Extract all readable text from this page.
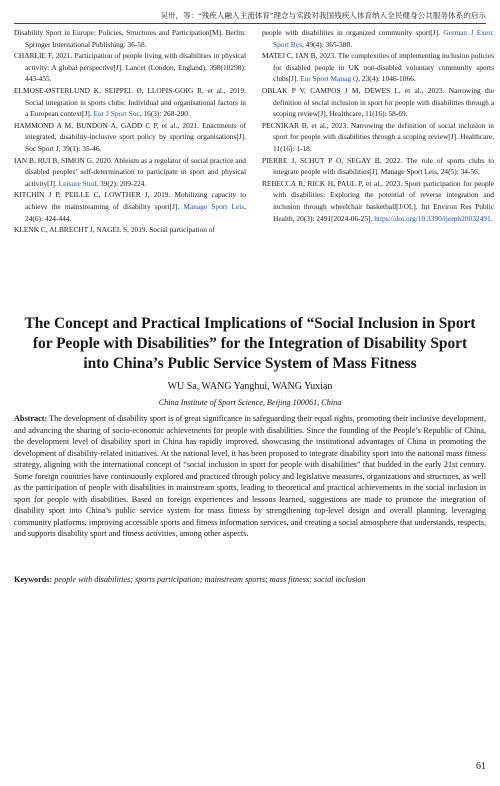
吴卅，等：“残疾人融入主流体育”理念与实践对我国残疾人体育纳入全民健身公共服务体系的启示

Disability Sport in Europe: Policies, Structures and Participation[M]. Berlin: Springer International Publishing: 36-58.

CHARLIE F, 2021. Participation of people living with disabilities in physical activity: A global perspective[J]. Lancet (London, England), 398(10298): 443-455.

ELMOSE-ØSTERLUND K, SEIPPEL Ø, LLOPIS-GOIG R, et al., 2019. Social integration in sports clubs: Individual and organisational factors in a European context[J]. Eur J Sport Soc, 16(3): 268-290.

HAMMOND A M, BUNDON A, GADD C P, et al., 2021. Enactments of integrated, disability-inclusive sport policy by sporting organisations[J]. Soc Sport J, 39(1): 35-46.

IAN B, RUI B, SIMON G, 2020. Ableism as a regulator of social practice and disabled peoples’ self-determination to participate in sport and physical activity[J]. Leisure Stud, 39(2): 209-224.

KITCHIN J P, PEILLE C, LOWTHER J, 2019. Mobilizing capacity to achieve the mainstreaming of disability sport[J]. Manage Sport Leis, 24(6): 424-444.

KLENK C, ALBRECHT J, NAGEL S, 2019. Social participation of

people with disabilities in organized community sport[J]. German J Exerc Sport Res, 49(4): 365-380.

MATEJ C, IAN B, 2023. The complexities of implementing inclusion policies for disabled people in UK non-disabled voluntary community sports clubs[J]. Eur Sport Manag Q, 23(4): 1046-1066.

OBLAK P V, CAMPOS J M, DEWES L, et al., 2023. Narrowing the definition of social inclusion in sport for people with disabilities through a scoping review[J]. Healthcare, 11(16): 58-69.

PECNIKAR B, et al., 2023. Narrowing the definition of social inclusion in sport for people with disabilities through a scoping review[J]. Healthcare, 11(16): 1-18.

PIERRE J, SCHUT P O, SEGAY B, 2022. The role of sports clubs to integrate people with disabilities[J]. Manage Sport Leis, 24(5): 34-56.

REBECCA R, RICK H, PAUL P, et al., 2023. Sport participation for people with disabilities: Exploring the potential of reverse integration and inclusion through wheelchair basketball[J/OL]. Int Environ Res Public Health, 20(3): 2491[2024-06-25]. https://doi.org/10.3390/ijerph20032491.

The Concept and Practical Implications of “Social Inclusion in Sport for People with Disabilities” for the Integration of Disability Sport into China’s Public Service System of Mass Fitness
WU Sa, WANG Yanghui, WANG Yuxian
China Institute of Sport Science, Beijing 100061, China

Abstract: The development of disability sport is of great significance in safeguarding their equal rights, promoting their inclusive development, and advancing the sharing of socio-economic achievements for people with disabilities. Since the founding of the People’s Republic of China, the development level of disability sport in China has rapidly improved, showcasing the institutional advantages of China in promoting the development of disability-related initiatives. At the national level, it has been proposed to integrate disability sport into the national mass fitness strategy, aligning with the international concept of “social inclusion in sport for people with disabilities” that budded in the early 21st century. Some foreign countries have continuously explored and practiced through policy and legislative measures, organizations and structures, as well as the participation of people with disabilities in mainstream sports, leading to theoretical and practical achievements in the social inclusion in sport for people with disabilities. Based on foreign experiences and lessons learned, suggestions are made to promote the integration of disability sport into China’s public service system for mass fitness by strengthening top-level design and overall planning, leveraging community platforms, improving accessible sports and fitness information services, and creating a social atmosphere that understands, respects, and supports disability sport and fitness activities, among other aspects.

Keywords: people with disabilities; sports participation; mainstream sports; mass fitness; social inclusion
61
